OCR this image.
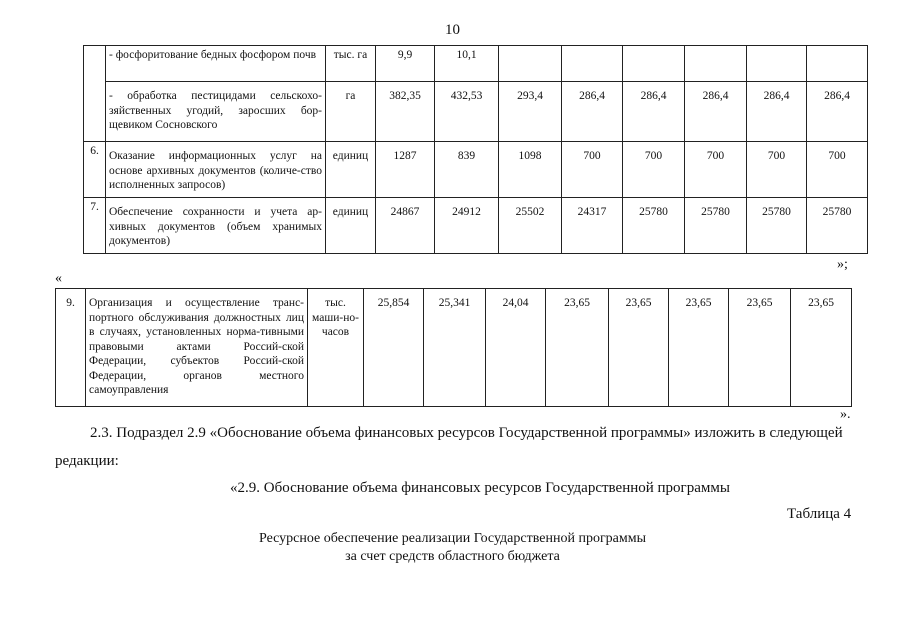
10
	- фосфоритование бедных фосфором почв	тыс. га	9,9	10,1						
	- обработка пестицидами сельскохо-зяйственных угодий, заросших бор-щевиком Сосновского	га	382,35	432,53	293,4	286,4	286,4	286,4	286,4	286,4
6.	Оказание информационных услуг на основе архивных документов (количе-ство исполненных запросов)	единиц	1287	839	1098	700	700	700	700	700
7.	Обеспечение сохранности и учета ар-хивных документов (объем хранимых документов)	единиц	24867	24912	25502	24317	25780	25780	25780	25780
»;
«
9.	Организация и осуществление транс-портного обслуживания должностных лиц в случаях, установленных норма-тивными правовыми актами Россий-ской Федерации, субъектов Россий-ской Федерации, органов местного самоуправления	тыс. маши-но-часов	25,854	25,341	24,04	23,65	23,65	23,65	23,65	23,65
».
2.3. Подраздел 2.9 «Обоснование объема финансовых ресурсов Государственной программы» изложить в следующей
редакции:
«2.9. Обоснование объема финансовых ресурсов Государственной программы
Таблица 4
Ресурсное обеспечение реализации Государственной программы
за счет средств областного бюджета
